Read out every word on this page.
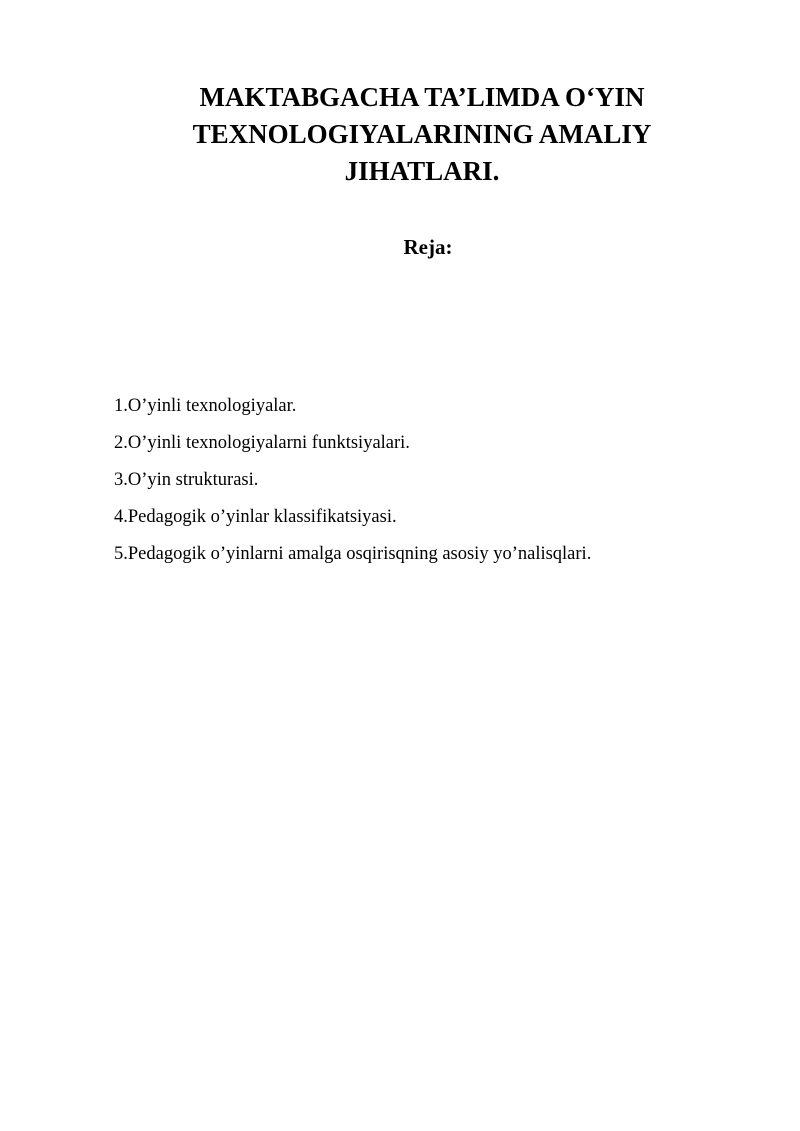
MAKTABGACHA TA’LIMDA O‘YIN
TEXNOLOGIYALARINING AMALIY
JIHATLARI.
Reja:
1.O’yinli texnologiyalar.
2.O’yinli texnologiyalarni funktsiyalari.
3.O’yin strukturasi.
4.Pedagogik o’yinlar klassifikatsiyasi.
5.Pedagogik o’yinlarni amalga osqirisqning asosiy yo’nalisqlari.
